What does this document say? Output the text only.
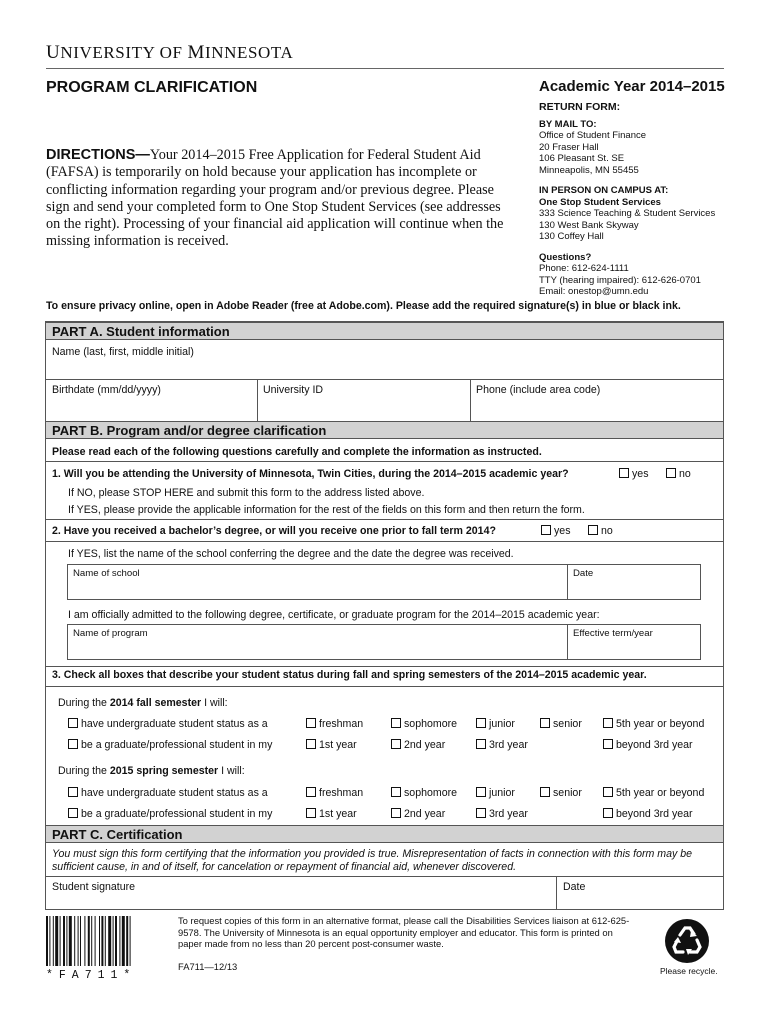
UNIVERSITY OF MINNESOTA
PROGRAM CLARIFICATION	Academic Year 2014–2015
RETURN FORM:
BY MAIL TO:
Office of Student Finance
20 Fraser Hall
106 Pleasant St. SE
Minneapolis, MN 55455
IN PERSON ON CAMPUS AT:
One Stop Student Services
333 Science Teaching & Student Services
130 West Bank Skyway
130 Coffey Hall
Questions?
Phone: 612-624-1111
TTY (hearing impaired): 612-626-0701
Email: onestop@umn.edu
DIRECTIONS—Your 2014–2015 Free Application for Federal Student Aid (FAFSA) is temporarily on hold because your application has incomplete or conflicting information regarding your program and/or previous degree. Please sign and send your completed form to One Stop Student Services (see addresses on the right). Processing of your financial aid application will continue when the missing information is received.
To ensure privacy online, open in Adobe Reader (free at Adobe.com). Please add the required signature(s) in blue or black ink.
PART A. Student information
Name (last, first, middle initial)
Birthdate (mm/dd/yyyy)	University ID	Phone (include area code)
PART B. Program and/or degree clarification
Please read each of the following questions carefully and complete the information as instructed.
1. Will you be attending the University of Minnesota, Twin Cities, during the 2014–2015 academic year?	yes	no
If NO, please STOP HERE and submit this form to the address listed above.
If YES, please provide the applicable information for the rest of the fields on this form and then return the form.
2. Have you received a bachelor’s degree, or will you receive one prior to fall term 2014?	yes	no
If YES, list the name of the school conferring the degree and the date the degree was received.
Name of school	Date
I am officially admitted to the following degree, certificate, or graduate program for the 2014–2015 academic year:
Name of program	Effective term/year
3. Check all boxes that describe your student status during fall and spring semesters of the 2014–2015 academic year.
During the 2014 fall semester I will:
have undergraduate student status as a	freshman	sophomore	junior	senior	5th year or beyond
be a graduate/professional student in my	1st year	2nd year	3rd year	beyond 3rd year
During the 2015 spring semester I will:
have undergraduate student status as a	freshman	sophomore	junior	senior	5th year or beyond
be a graduate/professional student in my	1st year	2nd year	3rd year	beyond 3rd year
PART C. Certification
You must sign this form certifying that the information you provided is true. Misrepresentation of facts in connection with this form may be sufficient cause, in and of itself, for cancelation or repayment of financial aid, whenever discovered.
Student signature	Date
*FA711*
To request copies of this form in an alternative format, please call the Disabilities Services liaison at 612-625-9578. The University of Minnesota is an equal opportunity employer and educator. This form is printed on paper made from no less than 20 percent post-consumer waste.
FA711—12/13	Please recycle.
